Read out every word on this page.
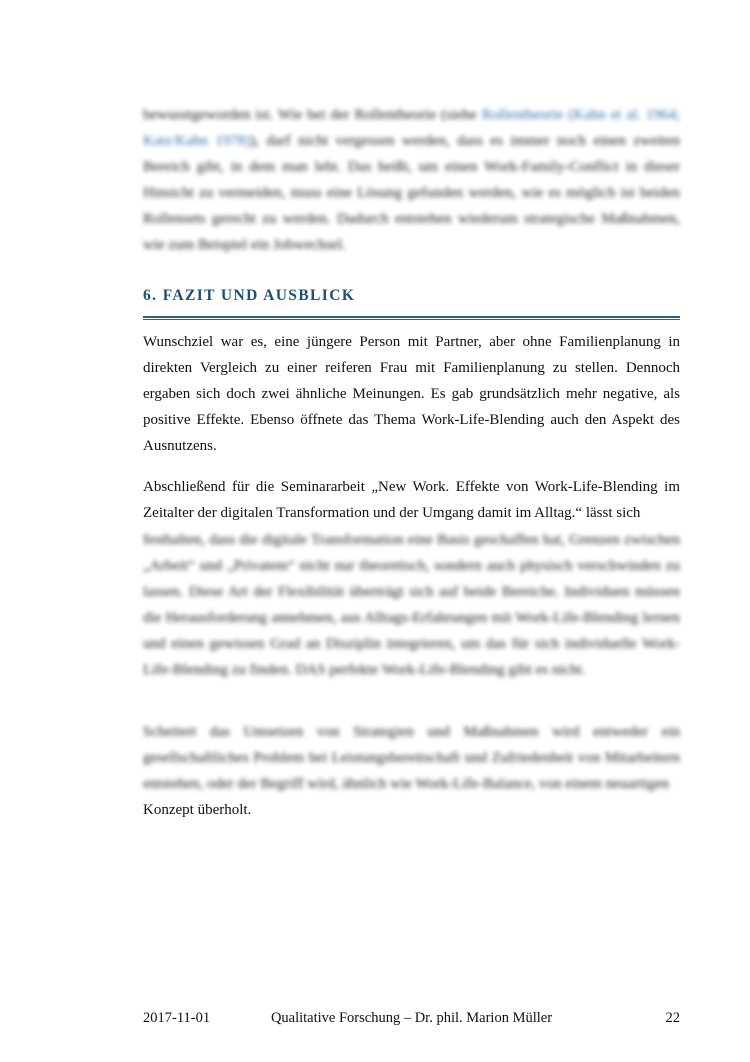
bewusstgeworden ist. Wie bei der Rollentheorie (siehe Rollentheorie (Kahn et al. 1964; Katz/Kahn 1978)), darf nicht vergessen werden, dass es immer noch einen zweiten Bereich gibt, in dem man lebt. Das heißt, um einen Work-Family-Conflict in dieser Hinsicht zu vermeiden, muss eine Lösung gefunden werden, wie es möglich ist beiden Rollensets gerecht zu werden. Dadurch entstehen wiederum strategische Maßnahmen, wie zum Beispiel ein Jobwechsel.

6. FAZIT UND AUSBLICK

Wunschziel war es, eine jüngere Person mit Partner, aber ohne Familienplanung in direkten Vergleich zu einer reiferen Frau mit Familienplanung zu stellen. Dennoch ergaben sich doch zwei ähnliche Meinungen. Es gab grundsätzlich mehr negative, als positive Effekte. Ebenso öffnete das Thema Work-Life-Blending auch den Aspekt des Ausnutzens.

Abschließend für die Seminararbeit „New Work. Effekte von Work-Life-Blending im Zeitalter der digitalen Transformation und der Umgang damit im Alltag.“ lässt sich

festhalten, dass die digitale Transformation eine Basis geschaffen hat, Grenzen zwischen „Arbeit“ und „Privatem“ nicht nur theoretisch, sondern auch physisch verschwinden zu lassen. Diese Art der Flexibilität überträgt sich auf beide Bereiche. Individuen müssen die Herausforderung annehmen, aus Alltags-Erfahrungen mit Work-Life-Blending lernen und einen gewissen Grad an Disziplin integrieren, um das für sich individuelle Work-Life-Blending zu finden. DAS perfekte Work-Life-Blending gibt es nicht.

Scheitert das Umsetzen von Strategien und Maßnahmen wird entweder ein gesellschaftliches Problem bei Leistungsbereitschaft und Zufriedenheit von Mitarbeitern entstehen, oder der Begriff wird, ähnlich wie Work-Life-Balance, von einem neuartigen

Konzept überholt.

2017-11-01	Qualitative Forschung – Dr. phil. Marion Müller	22
